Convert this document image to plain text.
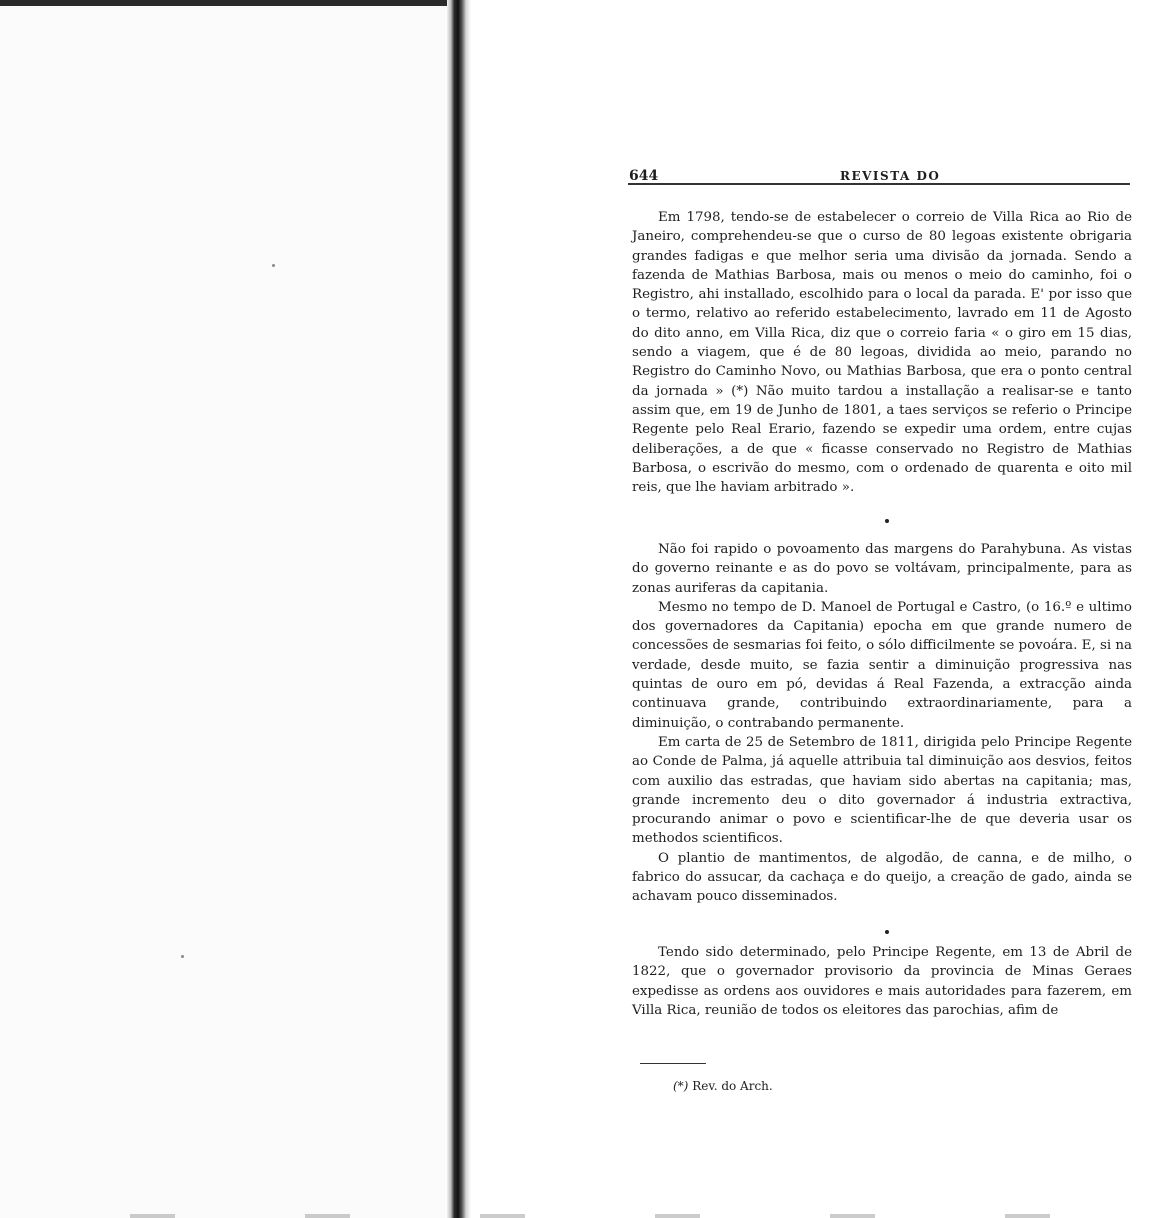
644	REVISTA DO

Em 1798, tendo-se de estabelecer o correio de Villa Rica ao Rio de Janeiro, comprehendeu-se que o curso de 80 legoas existente obrigaria grandes fadigas e que melhor seria uma divisão da jornada. Sendo a fazenda de Mathias Barbosa, mais ou menos o meio do caminho, foi o Registro, ahi installado, escolhido para o local da parada. E' por isso que o termo, relativo ao referido estabelecimento, lavrado em 11 de Agosto do dito anno, em Villa Rica, diz que o correio faria « o giro em 15 dias, sendo a viagem, que é de 80 legoas, dividida ao meio, parando no Registro do Caminho Novo, ou Mathias Barbosa, que era o ponto central da jornada » (*) Não muito tardou a installação a realisar-se e tanto assim que, em 19 de Junho de 1801, a taes serviços se referio o Principe Regente pelo Real Erario, fazendo se expedir uma ordem, entre cujas deliberações, a de que « ficasse conservado no Registro de Mathias Barbosa, o escrivão do mesmo, com o ordenado de quarenta e oito mil reis, que lhe haviam arbitrado ».

Não foi rapido o povoamento das margens do Parahybuna. As vistas do governo reinante e as do povo se voltávam, principalmente, para as zonas auriferas da capitania.

Mesmo no tempo de D. Manoel de Portugal e Castro, (o 16.º e ultimo dos governadores da Capitania) epocha em que grande numero de concessões de sesmarias foi feito, o sólo difficilmente se povoára. E, si na verdade, desde muito, se fazia sentir a diminuição progressiva nas quintas de ouro em pó, devidas á Real Fazenda, a extracção ainda continuava grande, contribuindo extraordinariamente, para a diminuição, o contrabando permanente.

Em carta de 25 de Setembro de 1811, dirigida pelo Principe Regente ao Conde de Palma, já aquelle attribuia tal diminuição aos desvios, feitos com auxilio das estradas, que haviam sido abertas na capitania; mas, grande incremento deu o dito governador á industria extractiva, procurando animar o povo e scientificar-lhe de que deveria usar os methodos scientificos.

O plantio de mantimentos, de algodão, de canna, e de milho, o fabrico do assucar, da cachaça e do queijo, a creação de gado, ainda se achavam pouco disseminados.

Tendo sido determinado, pelo Principe Regente, em 13 de Abril de 1822, que o governador provisorio da provincia de Minas Geraes expedisse as ordens aos ouvidores e mais autoridades para fazerem, em Villa Rica, reunião de todos os eleitores das parochias, afim de

(*) Rev. do Arch.
